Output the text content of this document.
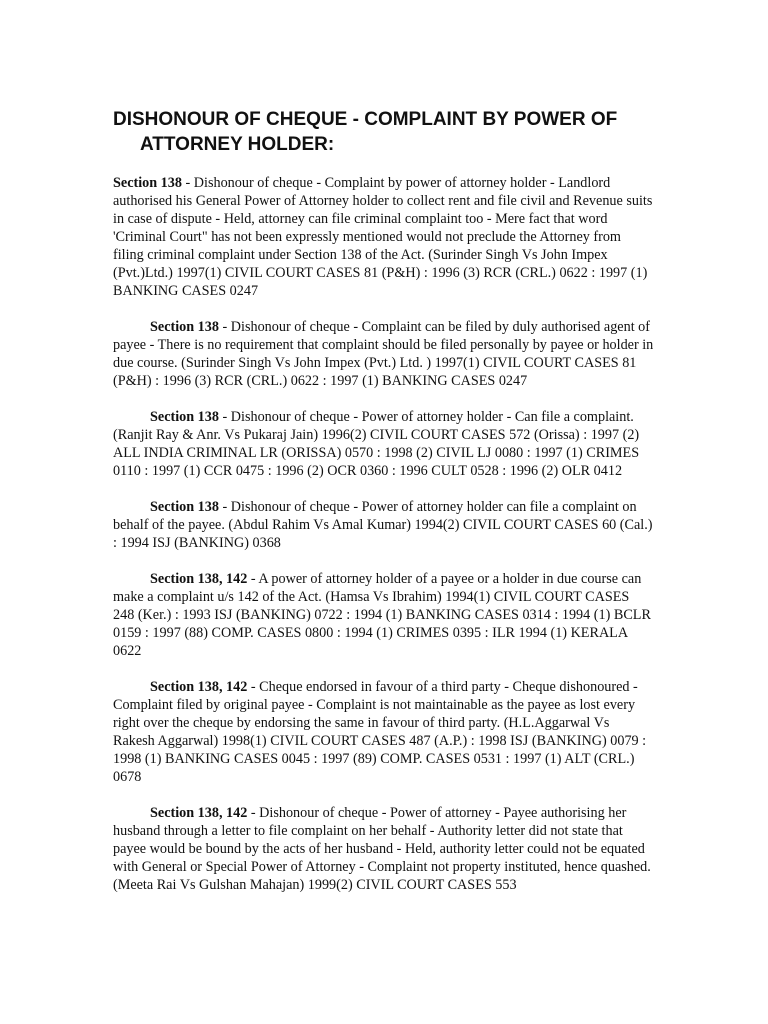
DISHONOUR OF CHEQUE - COMPLAINT BY POWER OF ATTORNEY HOLDER:

Section 138 - Dishonour of cheque - Complaint by power of attorney holder - Landlord authorised his General Power of Attorney holder to collect rent and file civil and Revenue suits in case of dispute - Held, attorney can file criminal complaint too - Mere fact that word 'Criminal Court" has not been expressly mentioned would not preclude the Attorney from filing criminal complaint under Section 138 of the Act. (Surinder Singh Vs John Impex (Pvt.)Ltd.) 1997(1) CIVIL COURT CASES 81 (P&H) : 1996 (3) RCR (CRL.) 0622 : 1997 (1) BANKING CASES 0247

Section 138 - Dishonour of cheque - Complaint can be filed by duly authorised agent of payee - There is no requirement that complaint should be filed personally by payee or holder in due course. (Surinder Singh Vs John Impex (Pvt.) Ltd. ) 1997(1) CIVIL COURT CASES 81 (P&H) : 1996 (3) RCR (CRL.) 0622 : 1997 (1) BANKING CASES 0247

Section 138 - Dishonour of cheque - Power of attorney holder - Can file a complaint. (Ranjit Ray & Anr. Vs Pukaraj Jain) 1996(2) CIVIL COURT CASES 572 (Orissa) : 1997 (2) ALL INDIA CRIMINAL LR (ORISSA) 0570 : 1998 (2) CIVIL LJ 0080 : 1997 (1) CRIMES 0110 : 1997 (1) CCR 0475 : 1996 (2) OCR 0360 : 1996 CULT 0528 : 1996 (2) OLR 0412

Section 138 - Dishonour of cheque - Power of attorney holder can file a complaint on behalf of the payee. (Abdul Rahim Vs Amal Kumar) 1994(2) CIVIL COURT CASES 60 (Cal.) : 1994 ISJ (BANKING) 0368

Section 138, 142 - A power of attorney holder of a payee or a holder in due course can make a complaint u/s 142 of the Act. (Hamsa Vs Ibrahim) 1994(1) CIVIL COURT CASES 248 (Ker.) : 1993 ISJ (BANKING) 0722 : 1994 (1) BANKING CASES 0314 : 1994 (1) BCLR 0159 : 1997 (88) COMP. CASES 0800 : 1994 (1) CRIMES 0395 : ILR 1994 (1) KERALA 0622

Section 138, 142 - Cheque endorsed in favour of a third party - Cheque dishonoured - Complaint filed by original payee - Complaint is not maintainable as the payee as lost every right over the cheque by endorsing the same in favour of third party. (H.L.Aggarwal Vs Rakesh Aggarwal) 1998(1) CIVIL COURT CASES 487 (A.P.) : 1998 ISJ (BANKING) 0079 : 1998 (1) BANKING CASES 0045 : 1997 (89) COMP. CASES 0531 : 1997 (1) ALT (CRL.) 0678

Section 138, 142 - Dishonour of cheque - Power of attorney - Payee authorising her husband through a letter to file complaint on her behalf - Authority letter did not state that payee would be bound by the acts of her husband - Held, authority letter could not be equated with General or Special Power of Attorney - Complaint not property instituted, hence quashed. (Meeta Rai Vs Gulshan Mahajan) 1999(2) CIVIL COURT CASES 553
